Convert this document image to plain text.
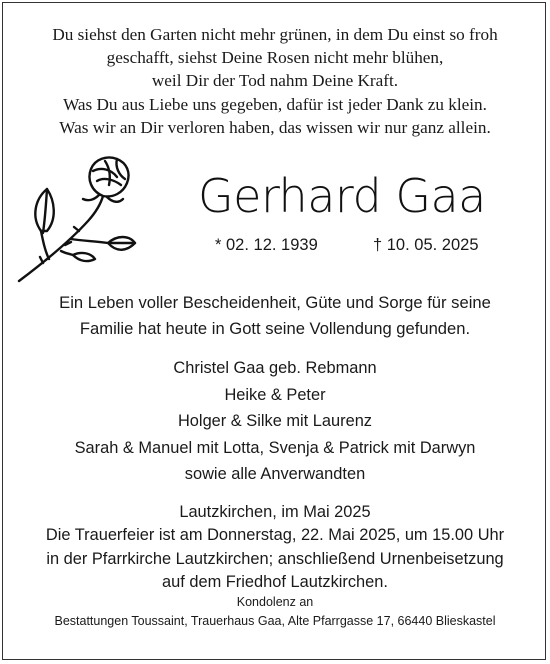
Du siehst den Garten nicht mehr grünen, in dem Du einst so froh
geschafft, siehst Deine Rosen nicht mehr blühen,
weil Dir der Tod nahm Deine Kraft.
Was Du aus Liebe uns gegeben, dafür ist jeder Dank zu klein.
Was wir an Dir verloren haben, das wissen wir nur ganz allein.
Gerhard Gaa
* 02. 12. 1939	† 10. 05. 2025
Ein Leben voller Bescheidenheit, Güte und Sorge für seine
Familie hat heute in Gott seine Vollendung gefunden.
Christel Gaa geb. Rebmann
Heike & Peter
Holger & Silke mit Laurenz
Sarah & Manuel mit Lotta, Svenja & Patrick mit Darwyn
sowie alle Anverwandten
Lautzkirchen, im Mai 2025
Die Trauerfeier ist am Donnerstag, 22. Mai 2025, um 15.00 Uhr
in der Pfarrkirche Lautzkirchen; anschließend Urnenbeisetzung
auf dem Friedhof Lautzkirchen.
Kondolenz an
Bestattungen Toussaint, Trauerhaus Gaa, Alte Pfarrgasse 17, 66440 Blieskastel
